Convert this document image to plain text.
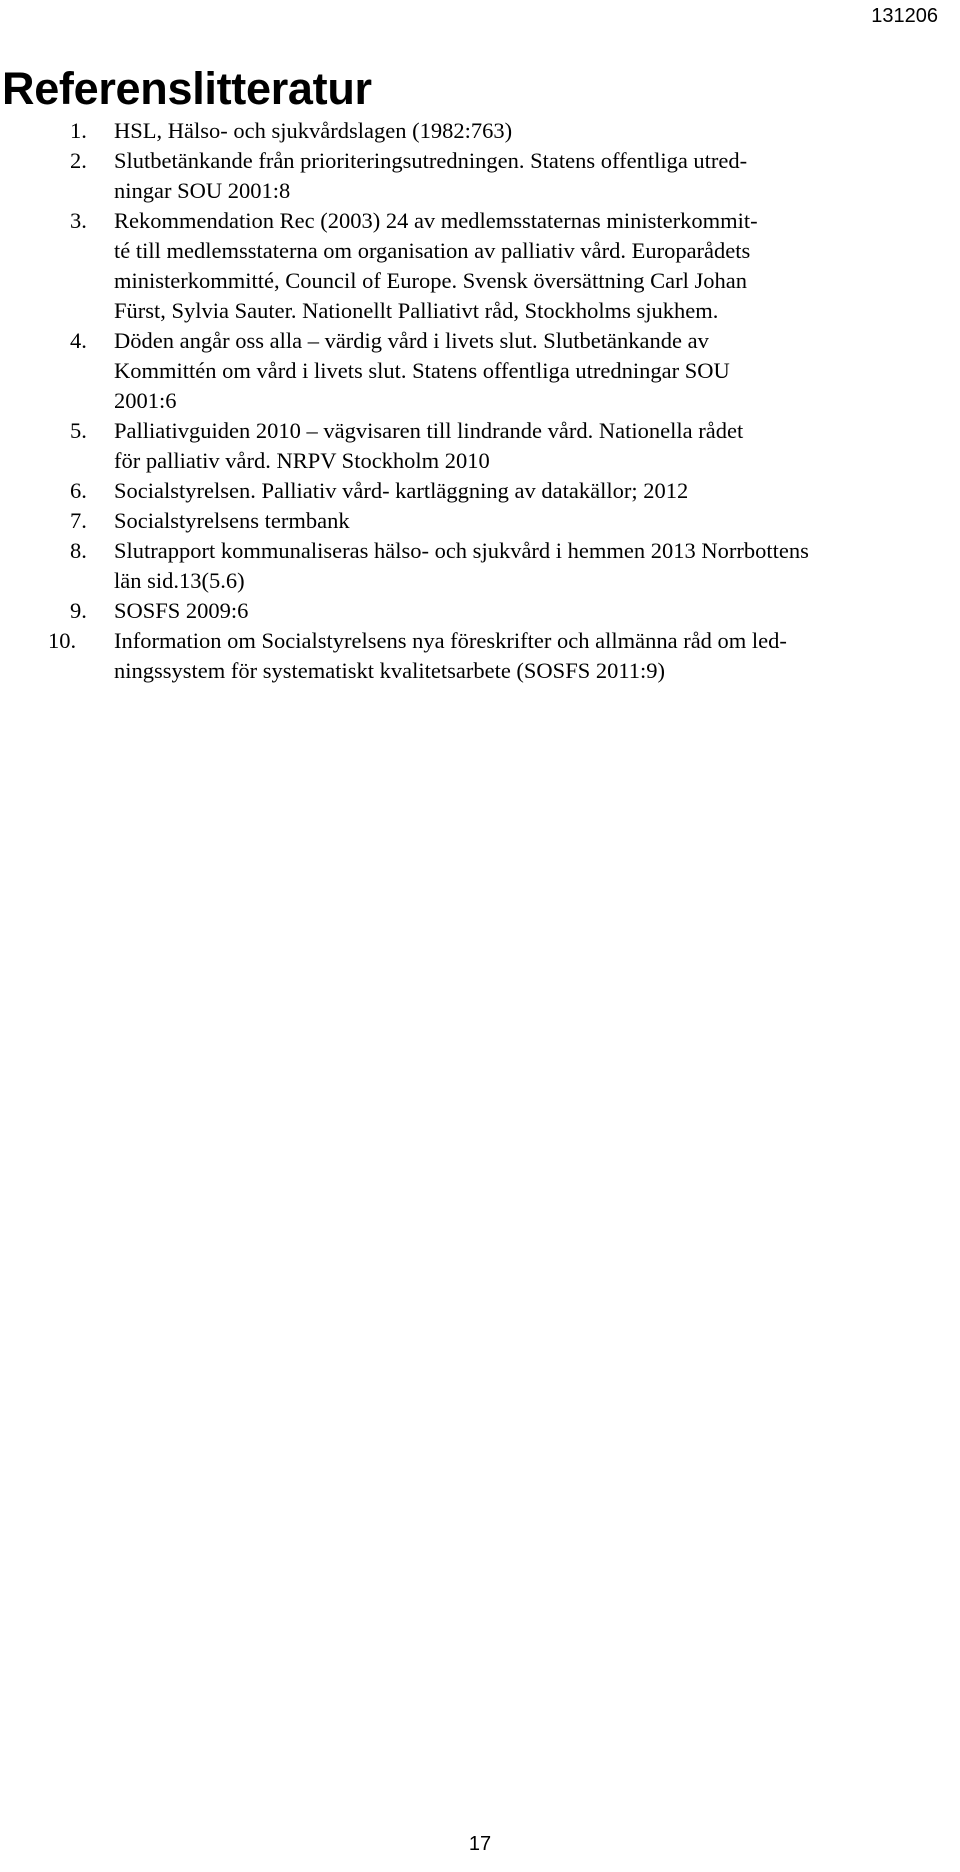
131206

Referenslitteratur
1. HSL, Hälso- och sjukvårdslagen (1982:763)
2. Slutbetänkande från prioriteringsutredningen. Statens offentliga utred-
ningar SOU 2001:8
3. Rekommendation Rec (2003) 24 av medlemsstaternas ministerkommit-
té till medlemsstaterna om organisation av palliativ vård. Europarådets
ministerkommitté, Council of Europe. Svensk översättning Carl Johan
Fürst, Sylvia Sauter. Nationellt Palliativt råd, Stockholms sjukhem.
4. Döden angår oss alla – värdig vård i livets slut. Slutbetänkande av
Kommittén om vård i livets slut. Statens offentliga utredningar SOU
2001:6
5. Palliativguiden 2010 – vägvisaren till lindrande vård. Nationella rådet
för palliativ vård. NRPV Stockholm 2010
6. Socialstyrelsen. Palliativ vård- kartläggning av datakällor; 2012
7. Socialstyrelsens termbank
8. Slutrapport kommunaliseras hälso- och sjukvård i hemmen 2013 Norrbottens
län sid.13(5.6)
9. SOSFS 2009:6
10. Information om Socialstyrelsens nya föreskrifter och allmänna råd om led-
ningssystem för systematiskt kvalitetsarbete (SOSFS 2011:9)

17
